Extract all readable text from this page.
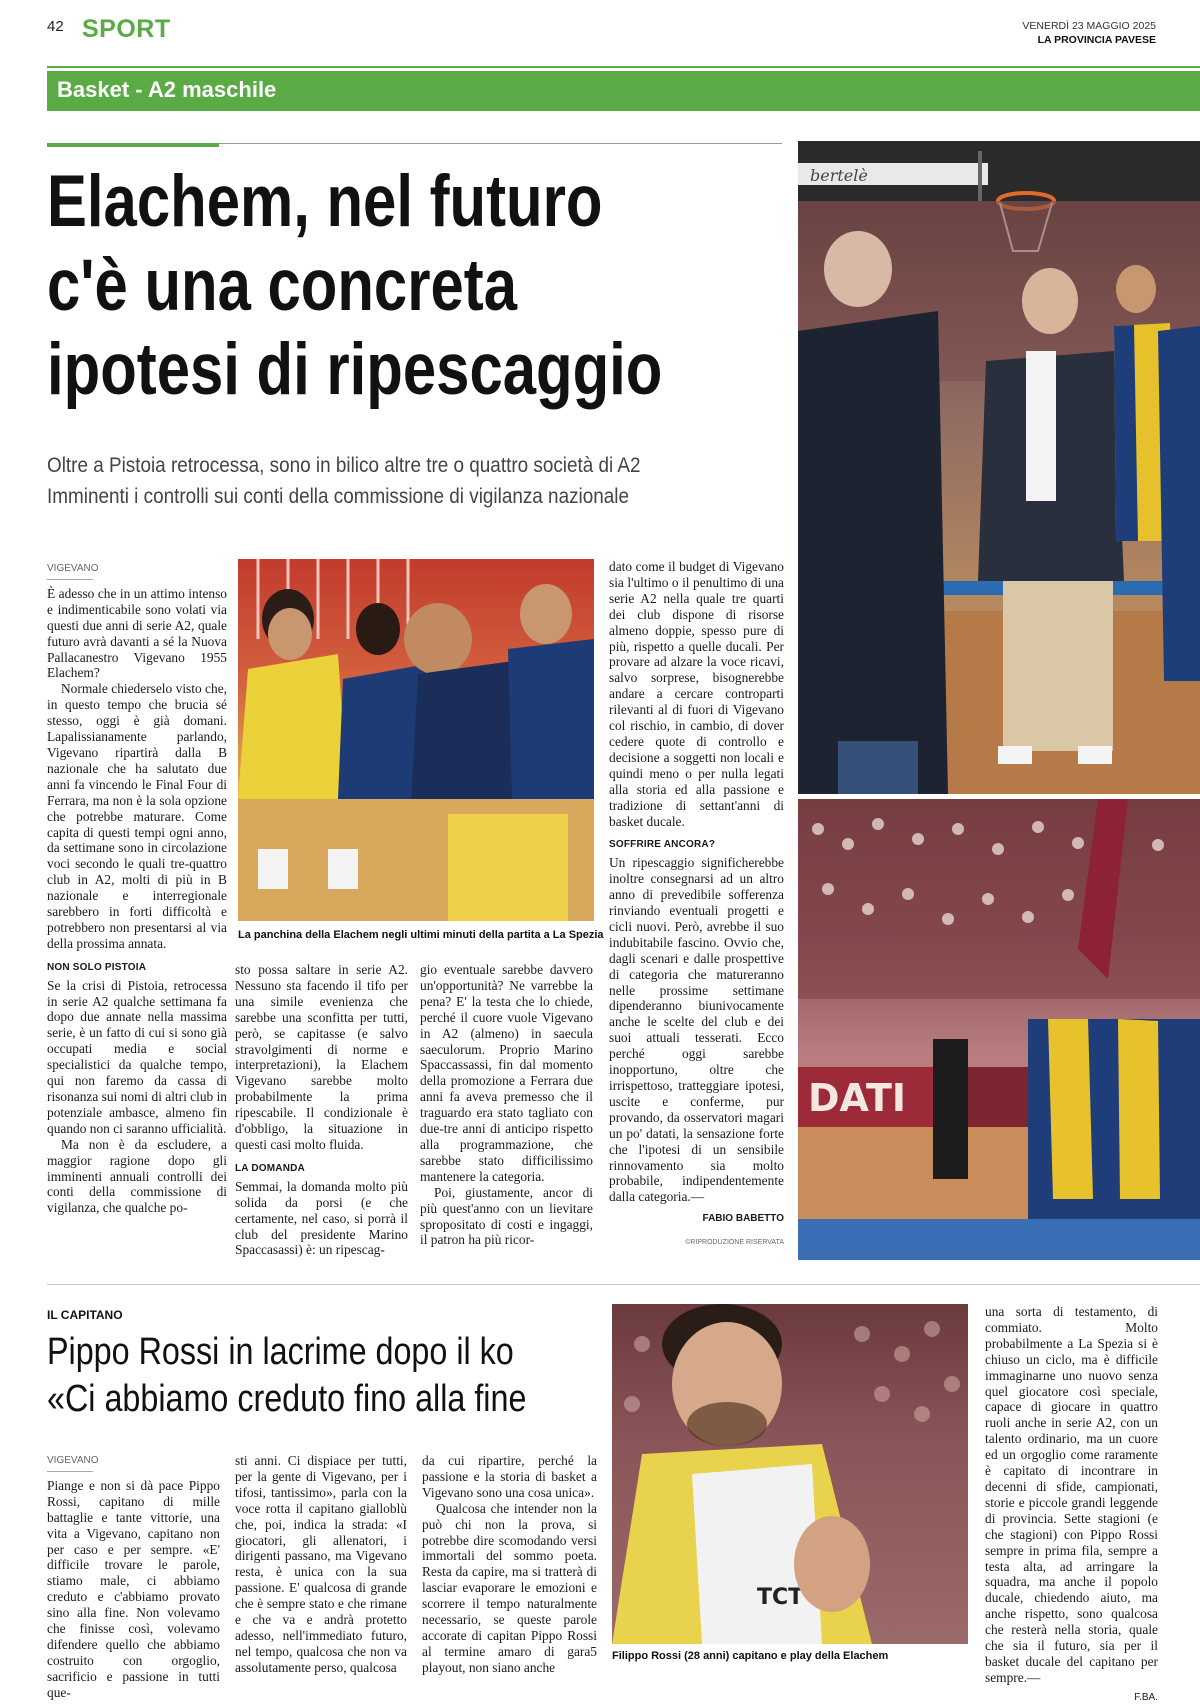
42 SPORT	VENERDÌ 23 MAGGIO 2025
LA PROVINCIA PAVESE
Basket - A2 maschile
Elachem, nel futuro
c'è una concreta
ipotesi di ripescaggio
Oltre a Pistoia retrocessa, sono in bilico altre tre o quattro società di A2
Imminenti i controlli sui conti della commissione di vigilanza nazionale
bertelè
DATI
La panchina della Elachem negli ultimi minuti della partita a La Spezia
VIGEVANO

È adesso che in un attimo intenso e indimenticabile sono volati via questi due anni di serie A2, quale futuro avrà davanti a sé la Nuova Pallacanestro Vigevano 1955 Elachem?

Normale chiederselo visto che, in questo tempo che brucia sé stesso, oggi è già domani. Lapalissianamente parlando, Vigevano ripartirà dalla B nazionale che ha salutato due anni fa vincendo le Final Four di Ferrara, ma non è la sola opzione che potrebbe maturare. Come capita di questi tempi ogni anno, da settimane sono in circolazione voci secondo le quali tre-quattro club in A2, molti di più in B nazionale e interregionale sarebbero in forti difficoltà e potrebbero non presentarsi al via della prossima annata.

NON SOLO PISTOIA

Se la crisi di Pistoia, retrocessa in serie A2 qualche settimana fa dopo due annate nella massima serie, è un fatto di cui si sono già occupati media e social specialistici da qualche tempo, qui non faremo da cassa di risonanza sui nomi di altri club in potenziale ambasce, almeno fin quando non ci saranno ufficialità.

Ma non è da escludere, a maggior ragione dopo gli imminenti annuali controlli dei conti della commissione di vigilanza, che qualche po-

sto possa saltare in serie A2. Nessuno sta facendo il tifo per una simile evenienza che sarebbe una sconfitta per tutti, però, se capitasse (e salvo stravolgimenti di norme e interpretazioni), la Elachem Vigevano sarebbe molto probabilmente la prima ripescabile. Il condizionale è d'obbligo, la situazione in questi casi molto fluida.

LA DOMANDA

Semmai, la domanda molto più solida da porsi (e che certamente, nel caso, si porrà il club del presidente Marino Spaccasassi) è: un ripescag-

gio eventuale sarebbe davvero un'opportunità? Ne varrebbe la pena? E' la testa che lo chiede, perché il cuore vuole Vigevano in A2 (almeno) in saecula saeculorum. Proprio Marino Spaccassassi, fin dal momento della promozione a Ferrara due anni fa aveva premesso che il traguardo era stato tagliato con due-tre anni di anticipo rispetto alla programmazione, che sarebbe stato difficilissimo mantenere la categoria.

Poi, giustamente, ancor di più quest'anno con un lievitare spropositato di costi e ingaggi, il patron ha più ricor-

dato come il budget di Vigevano sia l'ultimo o il penultimo di una serie A2 nella quale tre quarti dei club dispone di risorse almeno doppie, spesso pure di più, rispetto a quelle ducali. Per provare ad alzare la voce ricavi, salvo sorprese, bisognerebbe andare a cercare controparti rilevanti al di fuori di Vigevano col rischio, in cambio, di dover cedere quote di controllo e decisione a soggetti non locali e quindi meno o per nulla legati alla storia ed alla passione e tradizione di settant'anni di basket ducale.

SOFFRIRE ANCORA?

Un ripescaggio significherebbe inoltre consegnarsi ad un altro anno di prevedibile sofferenza rinviando eventuali progetti e cicli nuovi. Però, avrebbe il suo indubitabile fascino. Ovvio che, dagli scenari e dalle prospettive di categoria che matureranno nelle prossime settimane dipenderanno biunivocamente anche le scelte del club e dei suoi attuali tesserati. Ecco perché oggi sarebbe inopportuno, oltre che irrispettoso, tratteggiare ipotesi, uscite e conferme, pur provando, da osservatori magari un po' datati, la sensazione forte che l'ipotesi di un sensibile rinnovamento sia molto probabile, indipendentemente dalla categoria.—

FABIO BABETTO
©RIPRODUZIONE RISERVATA
IL CAPITANO
Pippo Rossi in lacrime dopo il ko
«Ci abbiamo creduto fino alla fine
TCT
Filippo Rossi (28 anni) capitano e play della Elachem
VIGEVANO

Piange e non si dà pace Pippo Rossi, capitano di mille battaglie e tante vittorie, una vita a Vigevano, capitano non per caso e per sempre. «E' difficile trovare le parole, stiamo male, ci abbiamo creduto e c'abbiamo provato sino alla fine. Non volevamo che finisse così, volevamo difendere quello che abbiamo costruito con orgoglio, sacrificio e passione in tutti que-

sti anni. Ci dispiace per tutti, per la gente di Vigevano, per i tifosi, tantissimo», parla con la voce rotta il capitano gialloblù che, poi, indica la strada: «I giocatori, gli allenatori, i dirigenti passano, ma Vigevano resta, è unica con la sua passione. E' qualcosa di grande che è sempre stato e che rimane e che va e andrà protetto adesso, nell'immediato futuro, nel tempo, qualcosa che non va assolutamente perso, qualcosa

da cui ripartire, perché la passione e la storia di basket a Vigevano sono una cosa unica».

Qualcosa che intender non la può chi non la prova, si potrebbe dire scomodando versi immortali del sommo poeta. Resta da capire, ma si tratterà di lasciar evaporare le emozioni e scorrere il tempo naturalmente necessario, se queste parole accorate di capitan Pippo Rossi al termine amaro di gara5 playout, non siano anche

una sorta di testamento, di commiato. Molto probabilmente a La Spezia si è chiuso un ciclo, ma è difficile immaginarne uno nuovo senza quel giocatore così speciale, capace di giocare in quattro ruoli anche in serie A2, con un talento ordinario, ma un cuore ed un orgoglio come raramente è capitato di incontrare in decenni di sfide, campionati, storie e piccole grandi leggende di provincia. Sette stagioni (e che stagioni) con Pippo Rossi sempre in prima fila, sempre a testa alta, ad arringare la squadra, ma anche il popolo ducale, chiedendo aiuto, ma anche rispetto, sono qualcosa che resterà nella storia, quale che sia il futuro, sia per il basket ducale del capitano per sempre.—

F.BA.
